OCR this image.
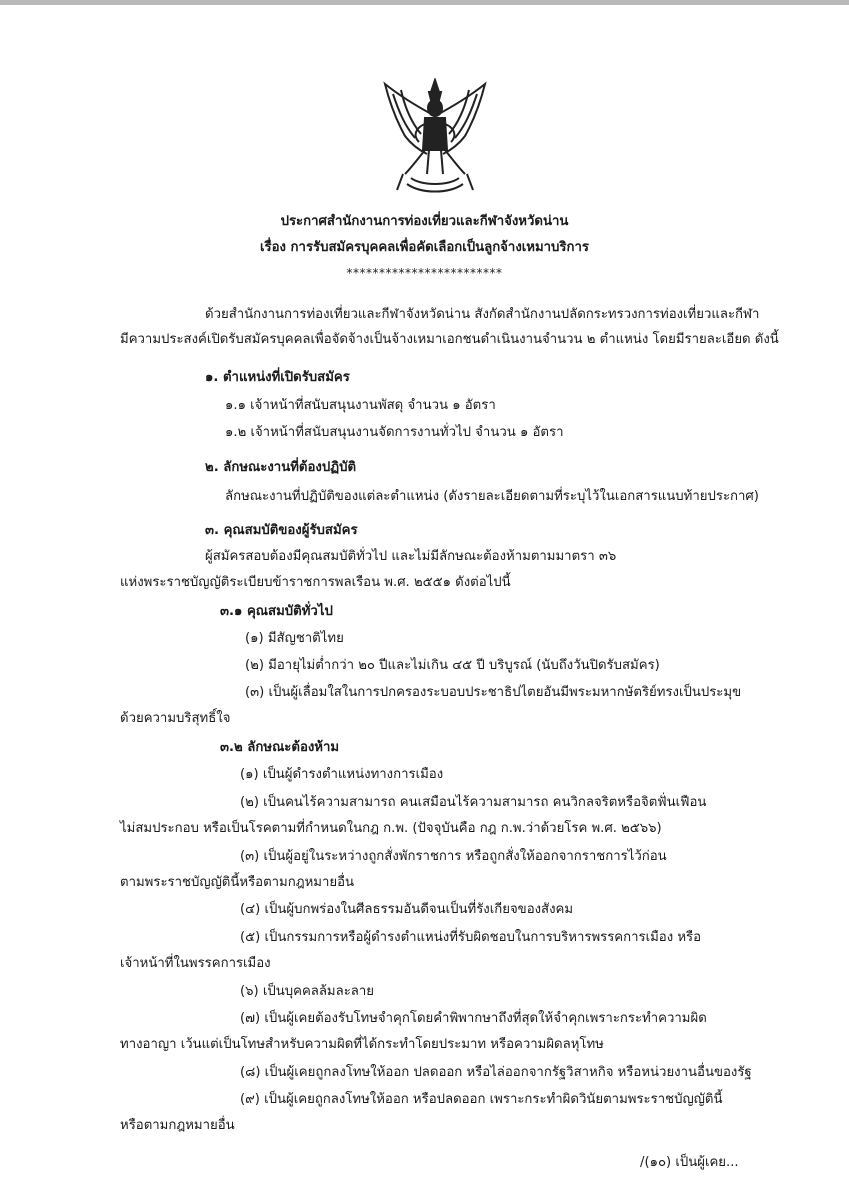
ประกาศสำนักงานการท่องเที่ยวและกีฬาจังหวัดน่าน
เรื่อง การรับสมัครบุคคลเพื่อคัดเลือกเป็นลูกจ้างเหมาบริการ
************************
ด้วยสำนักงานการท่องเที่ยวและกีฬาจังหวัดน่าน สังกัดสำนักงานปลัดกระทรวงการท่องเที่ยวและกีฬา
มีความประสงค์เปิดรับสมัครบุคคลเพื่อจัดจ้างเป็นจ้างเหมาเอกชนดำเนินงานจำนวน ๒ ตำแหน่ง โดยมีรายละเอียด ดังนี้
๑. ตำแหน่งที่เปิดรับสมัคร
๑.๑ เจ้าหน้าที่สนับสนุนงานพัสดุ จำนวน ๑ อัตรา
๑.๒ เจ้าหน้าที่สนับสนุนงานจัดการงานทั่วไป จำนวน ๑ อัตรา
๒. ลักษณะงานที่ต้องปฏิบัติ
ลักษณะงานที่ปฏิบัติของแต่ละตำแหน่ง (ดังรายละเอียดตามที่ระบุไว้ในเอกสารแนบท้ายประกาศ)
๓. คุณสมบัติของผู้รับสมัคร
ผู้สมัครสอบต้องมีคุณสมบัติทั่วไป และไม่มีลักษณะต้องห้ามตามมาตรา ๓๖
แห่งพระราชบัญญัติระเบียบข้าราชการพลเรือน พ.ศ. ๒๕๕๑ ดังต่อไปนี้
๓.๑ คุณสมบัติทั่วไป
(๑) มีสัญชาติไทย
(๒) มีอายุไม่ต่ำกว่า ๒๐ ปีและไม่เกิน ๔๕ ปี บริบูรณ์ (นับถึงวันปิดรับสมัคร)
(๓) เป็นผู้เลื่อมใสในการปกครองระบอบประชาธิปไตยอันมีพระมหากษัตริย์ทรงเป็นประมุข
ด้วยความบริสุทธิ์ใจ
๓.๒ ลักษณะต้องห้าม
(๑) เป็นผู้ดำรงตำแหน่งทางการเมือง
(๒) เป็นคนไร้ความสามารถ คนเสมือนไร้ความสามารถ คนวิกลจริตหรือจิตฟั่นเฟือน
ไม่สมประกอบ หรือเป็นโรคตามที่กำหนดในกฎ ก.พ. (ปัจจุบันคือ กฎ ก.พ.ว่าด้วยโรค พ.ศ. ๒๕๖๖)
(๓) เป็นผู้อยู่ในระหว่างถูกสั่งพักราชการ หรือถูกสั่งให้ออกจากราชการไว้ก่อน
ตามพระราชบัญญัตินี้หรือตามกฎหมายอื่น
(๔) เป็นผู้บกพร่องในศีลธรรมอันดีจนเป็นที่รังเกียจของสังคม
(๕) เป็นกรรมการหรือผู้ดำรงตำแหน่งที่รับผิดชอบในการบริหารพรรคการเมือง หรือ
เจ้าหน้าที่ในพรรคการเมือง
(๖) เป็นบุคคลล้มละลาย
(๗) เป็นผู้เคยต้องรับโทษจำคุกโดยคำพิพากษาถึงที่สุดให้จำคุกเพราะกระทำความผิด
ทางอาญา เว้นแต่เป็นโทษสำหรับความผิดที่ได้กระทำโดยประมาท หรือความผิดลหุโทษ
(๘) เป็นผู้เคยถูกลงโทษให้ออก ปลดออก หรือไล่ออกจากรัฐวิสาหกิจ หรือหน่วยงานอื่นของรัฐ
(๙) เป็นผู้เคยถูกลงโทษให้ออก หรือปลดออก เพราะกระทำผิดวินัยตามพระราชบัญญัตินี้
หรือตามกฎหมายอื่น
/(๑๐) เป็นผู้เคย...
